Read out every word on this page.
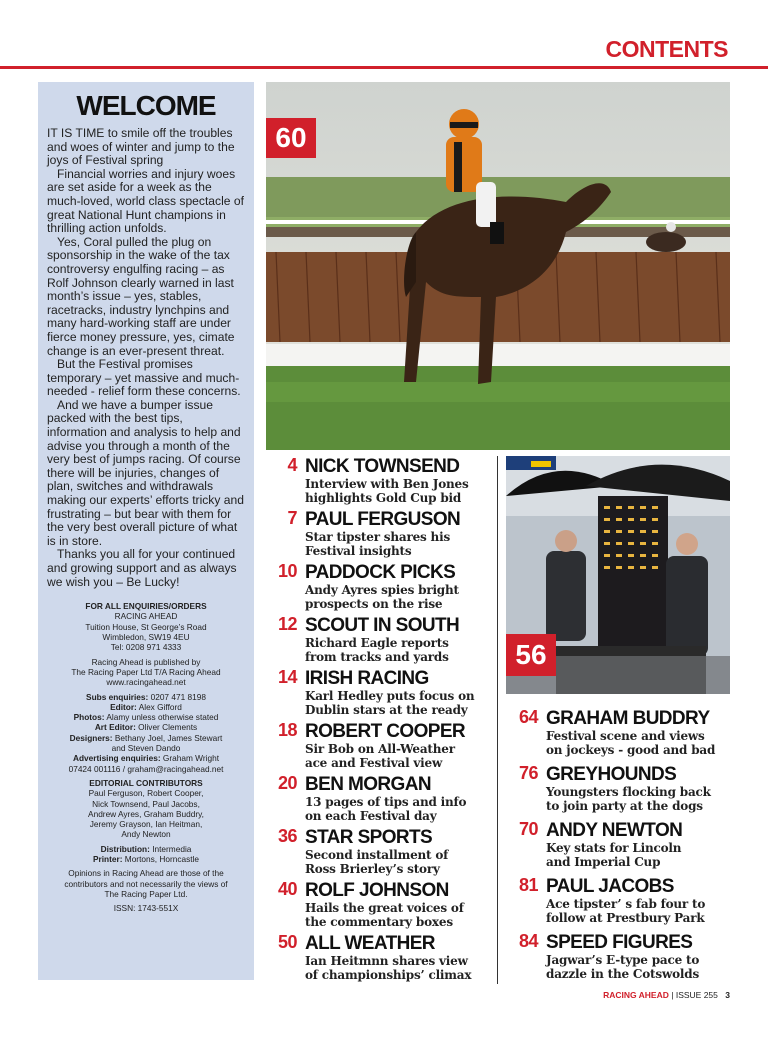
CONTENTS
WELCOME

IT IS TIME to smile off the troubles and woes of winter and jump to the joys of Festival spring

Financial worries and injury woes are set aside for a week as the much-loved, world class spectacle of great National Hunt champions in thrilling action unfolds.

Yes, Coral pulled the plug on sponsorship in the wake of the tax controversy engulfing racing – as Rolf Johnson clearly warned in last month’s issue – yes, stables, racetracks, industry lynchpins and many hard-working staff are under fierce money pressure, yes, cimate change is an ever-present threat.

But the Festival promises temporary – yet massive and much-needed - relief form these concerns.

And we have a bumper issue packed with the best tips, information and analysis to help and advise you through a month of the very best of jumps racing. Of course there will be injuries, changes of plan, switches and withdrawals making our experts’ efforts tricky and frustrating – but bear with them for the very best overall picture of what is in store.

Thanks you all for your continued and growing support and as always we wish you – Be Lucky!

FOR ALL ENQUIRIES/ORDERS
RACING AHEAD
Tuition House, St George’s Road
Wimbledon, SW19 4EU
Tel: 0208 971 4333
Racing Ahead is published by
The Racing Paper Ltd T/A Racing Ahead
www.racingahead.net
Subs enquiries: 0207 471 8198
Editor: Alex Gifford
Photos: Alamy unless otherwise stated
Art Editor: Oliver Clements
Designers: Bethany Joel, James Stewart
and Steven Dando
Advertising enquiries: Graham Wright
07424 001116 / graham@racingahead.net
EDITORIAL CONTRIBUTORS
Paul Ferguson, Robert Cooper,
Nick Townsend, Paul Jacobs,
Andrew Ayres, Graham Buddry,
Jeremy Grayson, Ian Heitman,
Andy Newton
Distribution: Intermedia
Printer: Mortons, Horncastle
Opinions in Racing Ahead are those of the
contributors and not necessarily the views of
The Racing Paper Ltd.
ISSN: 1743-551X
60
56
4 NICK TOWNSEND
Interview with Ben Jones
highlights Gold Cup bid
7 PAUL FERGUSON
Star tipster shares his
Festival insights
10 PADDOCK PICKS
Andy Ayres spies bright
prospects on the rise
12 SCOUT IN SOUTH
Richard Eagle reports
from tracks and yards
14 IRISH RACING
Karl Hedley puts focus on
Dublin stars at the ready
18 ROBERT COOPER
Sir Bob on All-Weather
ace and Festival view
20 BEN MORGAN
13 pages of tips and info
on each Festival day
36 STAR SPORTS
Second installment of
Ross Brierley’s story
40 ROLF JOHNSON
Hails the great voices of
the commentary boxes
50 ALL WEATHER
Ian Heitmnn shares view
of championships’ climax
64 GRAHAM BUDDRY
Festival scene and views
on jockeys - good and bad
76 GREYHOUNDS
Youngsters flocking back
to join party at the dogs
70 ANDY NEWTON
Key stats for Lincoln
and Imperial Cup
81 PAUL JACOBS
Ace tipster’ s fab four to
follow at Prestbury Park
84 SPEED FIGURES
Jagwar’s E-type pace to
dazzle in the Cotswolds
RACING AHEAD | ISSUE 255 3
